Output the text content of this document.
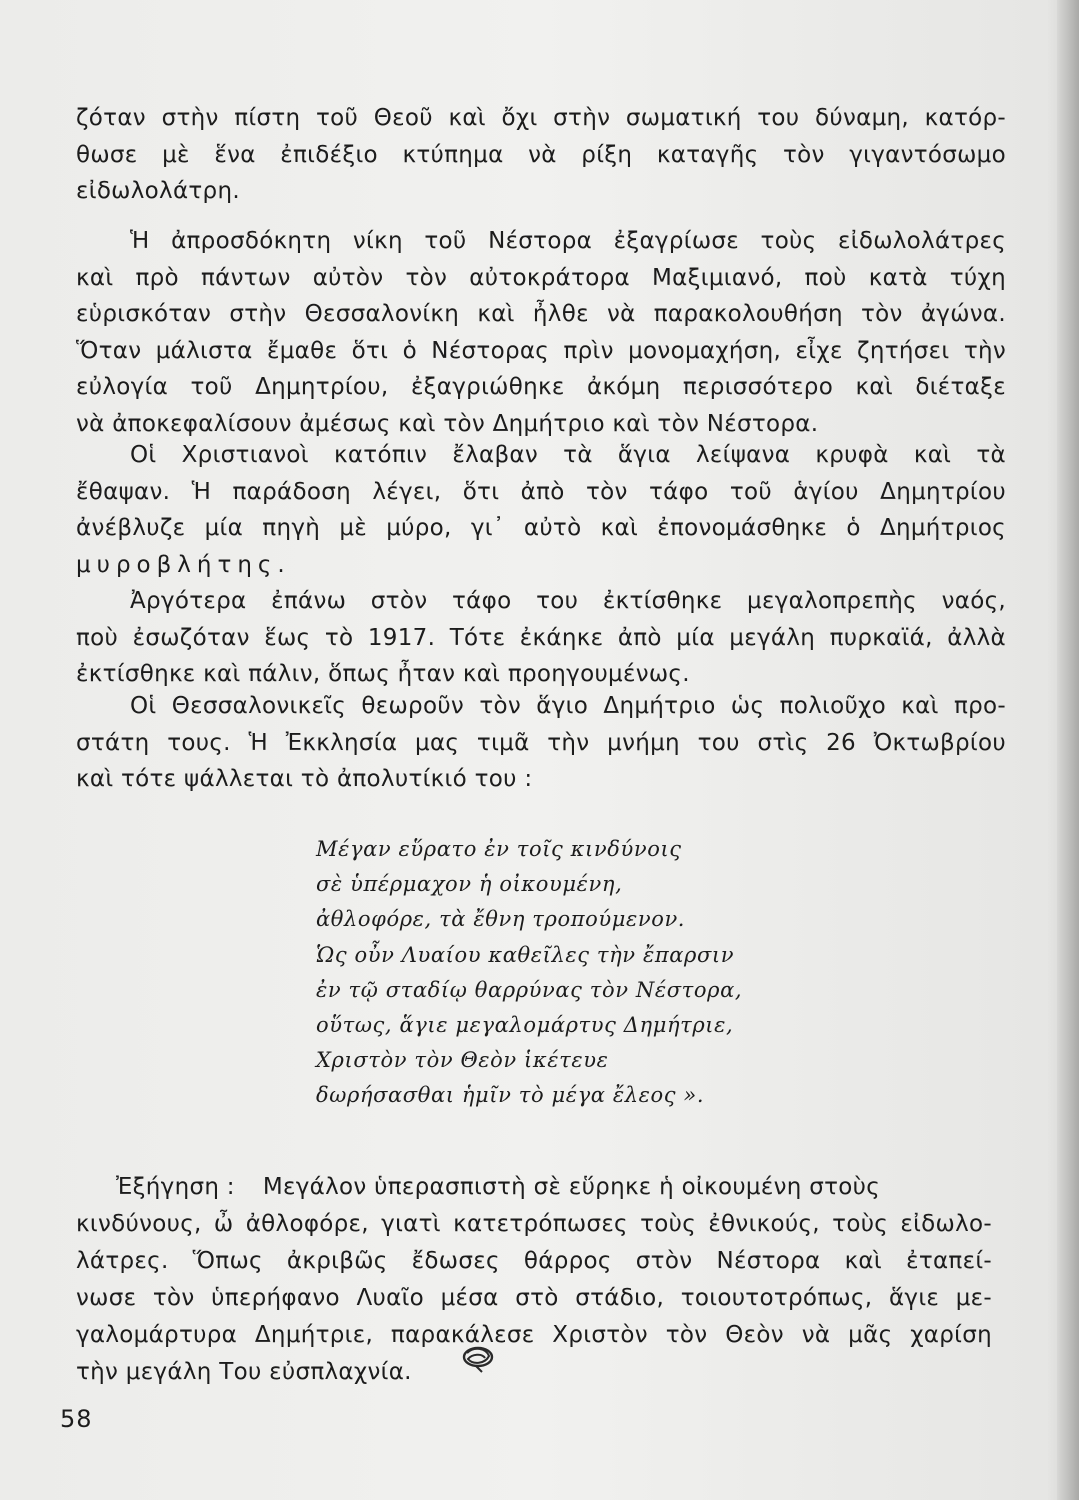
ζόταν στὴν πίστη τοῦ Θεοῦ καὶ ὄχι στὴν σωματική του δύναμη, κατόρ-
θωσε μὲ ἕνα ἐπιδέξιο κτύπημα νὰ ρίξη καταγῆς τὸν γιγαντόσωμο
εἰδωλολάτρη.
Ἡ ἀπροσδόκητη νίκη τοῦ Νέστορα ἐξαγρίωσε τοὺς εἰδωλολάτρες
καὶ πρὸ πάντων αὐτὸν τὸν αὐτοκράτορα Μαξιμιανό, ποὺ κατὰ τύχη
εὑρισκόταν στὴν Θεσσαλονίκη καὶ ἦλθε νὰ παρακολουθήση τὸν ἀγώνα.
Ὅταν μάλιστα ἔμαθε ὅτι ὁ Νέστορας πρὶν μονομαχήση, εἶχε ζητήσει τὴν
εὐλογία τοῦ Δημητρίου, ἐξαγριώθηκε ἀκόμη περισσότερο καὶ διέταξε
νὰ ἀποκεφαλίσουν ἀμέσως καὶ τὸν Δημήτριο καὶ τὸν Νέστορα.
Οἱ Χριστιανοὶ κατόπιν ἔλαβαν τὰ ἅγια λείψανα κρυφὰ καὶ τὰ
ἔθαψαν. Ἡ παράδοση λέγει, ὅτι ἀπὸ τὸν τάφο τοῦ ἁγίου Δημητρίου
ἀνέβλυζε μία πηγὴ μὲ μύρο, γι᾽ αὐτὸ καὶ ἐπονομάσθηκε ὁ Δημήτριος
μυροβλήτης.
Ἀργότερα ἐπάνω στὸν τάφο του ἐκτίσθηκε μεγαλοπρεπὴς ναός,
ποὺ ἐσωζόταν ἕως τὸ 1917. Τότε ἐκάηκε ἀπὸ μία μεγάλη πυρκαϊά, ἀλλὰ
ἐκτίσθηκε καὶ πάλιν, ὅπως ἦταν καὶ προηγουμένως.
Οἱ Θεσσαλονικεῖς θεωροῦν τὸν ἅγιο Δημήτριο ὡς πολιοῦχο καὶ προ-
στάτη τους. Ἡ Ἐκκλησία μας τιμᾶ τὴν μνήμη του στὶς 26 Ὀκτωβρίου
καὶ τότε ψάλλεται τὸ ἀπολυτίκιό του :
Μέγαν εὕρατο ἐν τοῖς κινδύνοις
σὲ ὑπέρμαχον ἡ οἰκουμένη,
ἀθλοφόρε, τὰ ἔθνη τροπούμενον.
Ὡς οὖν Λυαίου καθεῖλες τὴν ἔπαρσιν
ἐν τῷ σταδίῳ θαρρύνας τὸν Νέστορα,
οὕτως, ἅγιε μεγαλομάρτυς Δημήτριε,
Χριστὸν τὸν Θεὸν ἱκέτευε
δωρήσασθαι ἡμῖν τὸ μέγα ἔλεος ».
Ἐξήγηση : Μεγάλον ὑπερασπιστὴ σὲ εὕρηκε ἡ οἰκουμένη στοὺς
κινδύνους, ὦ ἀθλοφόρε, γιατὶ κατετρόπωσες τοὺς ἐθνικούς, τοὺς εἰδωλο-
λάτρες. Ὅπως ἀκριβῶς ἔδωσες θάρρος στὸν Νέστορα καὶ ἐταπεί-
νωσε τὸν ὑπερήφανο Λυαῖο μέσα στὸ στάδιο, τοιουτοτρόπως, ἅγιε με-
γαλομάρτυρα Δημήτριε, παρακάλεσε Χριστὸν τὸν Θεὸν νὰ μᾶς χαρίση
τὴν μεγάλη Του εὐσπλαχνία.
58
